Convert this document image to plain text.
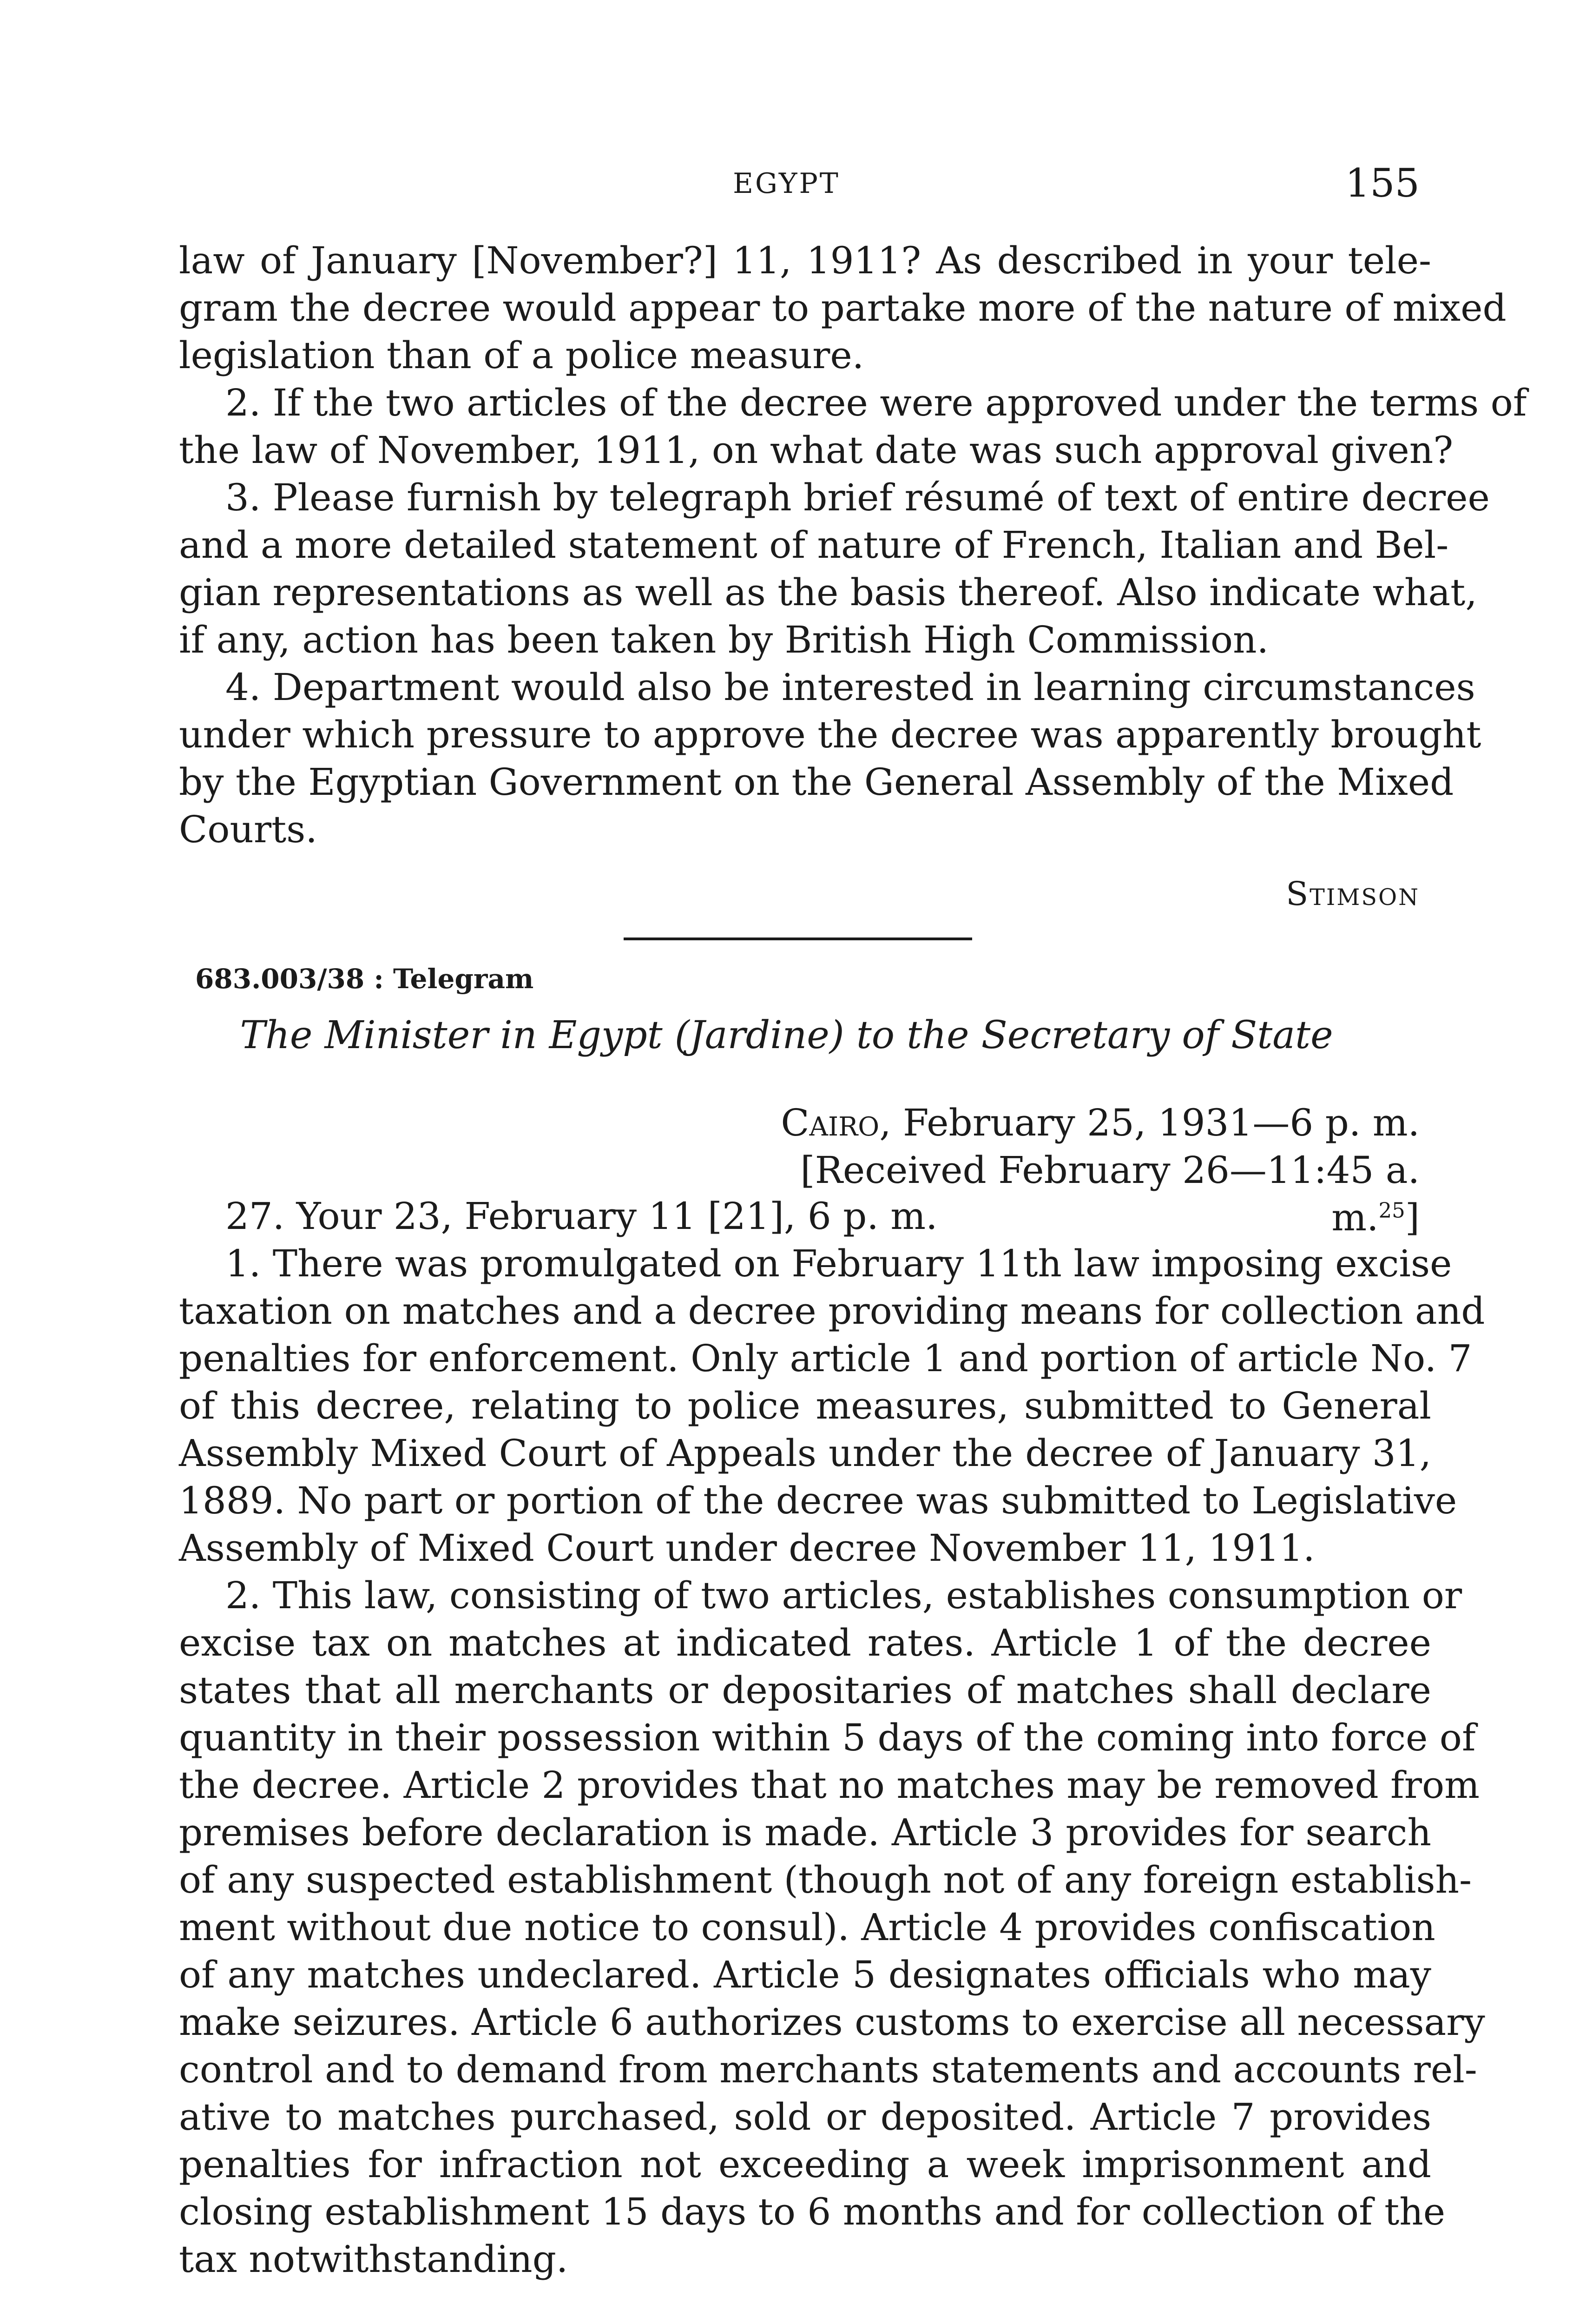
EGYPT	155
law of January [November?] 11, 1911? As described in your tele-
gram the decree would appear to partake more of the nature of mixed
legislation than of a police measure.
2. If the two articles of the decree were approved under the terms of
the law of November, 1911, on what date was such approval given?
3. Please furnish by telegraph brief résumé of text of entire decree
and a more detailed statement of nature of French, Italian and Bel-
gian representations as well as the basis thereof. Also indicate what,
if any, action has been taken by British High Commission.
4. Department would also be interested in learning circumstances
under which pressure to approve the decree was apparently brought
by the Egyptian Government on the General Assembly of the Mixed
Courts.
Stimson
683.003/38 : Telegram
The Minister in Egypt (Jardine) to the Secretary of State
Cairo, February 25, 1931—6 p. m.
[Received February 26—11:45 a. m.$^{25}$]
27. Your 23, February 11 [21], 6 p. m.
1. There was promulgated on February 11th law imposing excise
taxation on matches and a decree providing means for collection and
penalties for enforcement. Only article 1 and portion of article No. 7
of this decree, relating to police measures, submitted to General
Assembly Mixed Court of Appeals under the decree of January 31,
1889. No part or portion of the decree was submitted to Legislative
Assembly of Mixed Court under decree November 11, 1911.
2. This law, consisting of two articles, establishes consumption or
excise tax on matches at indicated rates. Article 1 of the decree
states that all merchants or depositaries of matches shall declare
quantity in their possession within 5 days of the coming into force of
the decree. Article 2 provides that no matches may be removed from
premises before declaration is made. Article 3 provides for search
of any suspected establishment (though not of any foreign establish-
ment without due notice to consul). Article 4 provides confiscation
of any matches undeclared. Article 5 designates officials who may
make seizures. Article 6 authorizes customs to exercise all necessary
control and to demand from merchants statements and accounts rel-
ative to matches purchased, sold or deposited. Article 7 provides
penalties for infraction not exceeding a week imprisonment and
closing establishment 15 days to 6 months and for collection of the
tax notwithstanding.
